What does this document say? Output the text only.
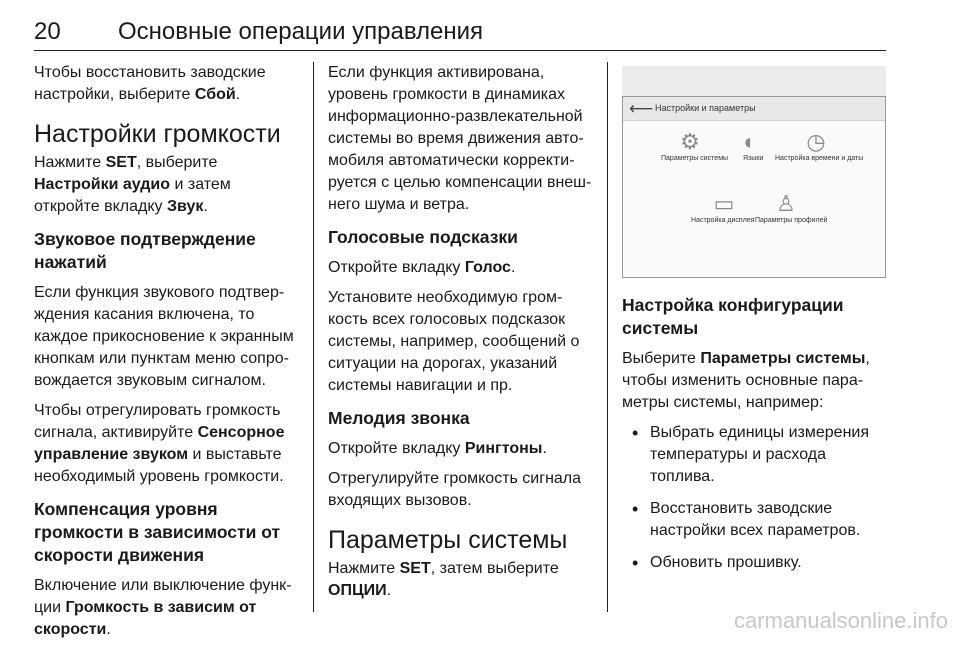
20 Основные операции управления

Чтобы восстановить заводские настройки, выберите Сбой.

Настройки громкости

Нажмите SET, выберите Настройки аудио и затем откройте вкладку Звук.

Звуковое подтверждение нажатий

Если функция звукового подтверждения касания включена, то каждое прикосновение к экранным кнопкам или пунктам меню сопровождается звуковым сигналом.

Чтобы отрегулировать громкость сигнала, активируйте Сенсорное управление звуком и выставьте необходимый уровень громкости.

Компенсация уровня громкости в зависимости от скорости движения

Включение или выключение функции Громкость в зависим от скорости.

Если функция активирована, уровень громкости в динамиках информационно-развлекательной системы во время движения автомобиля автоматически корректируется с целью компенсации внешнего шума и ветра.

Голосовые подсказки

Откройте вкладку Голос.

Установите необходимую громкость всех голосовых подсказок системы, например, сообщений о ситуации на дорогах, указаний системы навигации и пр.

Мелодия звонка

Откройте вкладку Рингтоны.

Отрегулируйте громкость сигнала входящих вызовов.

Параметры системы

Нажмите SET, затем выберите ОПЦИИ.

⟵ Настройки и параметры
⚙
Параметры системы
◐
Языки
◷
Настройка времени и даты
▭
Настройка дисплея
♙
Параметры профилей
Настройка конфигурации системы

Выберите Параметры системы, чтобы изменить основные параметры системы, например:

• Выбрать единицы измерения температуры и расхода топлива.
• Восстановить заводские настройки всех параметров.
• Обновить прошивку.
carmanualsonline.info
